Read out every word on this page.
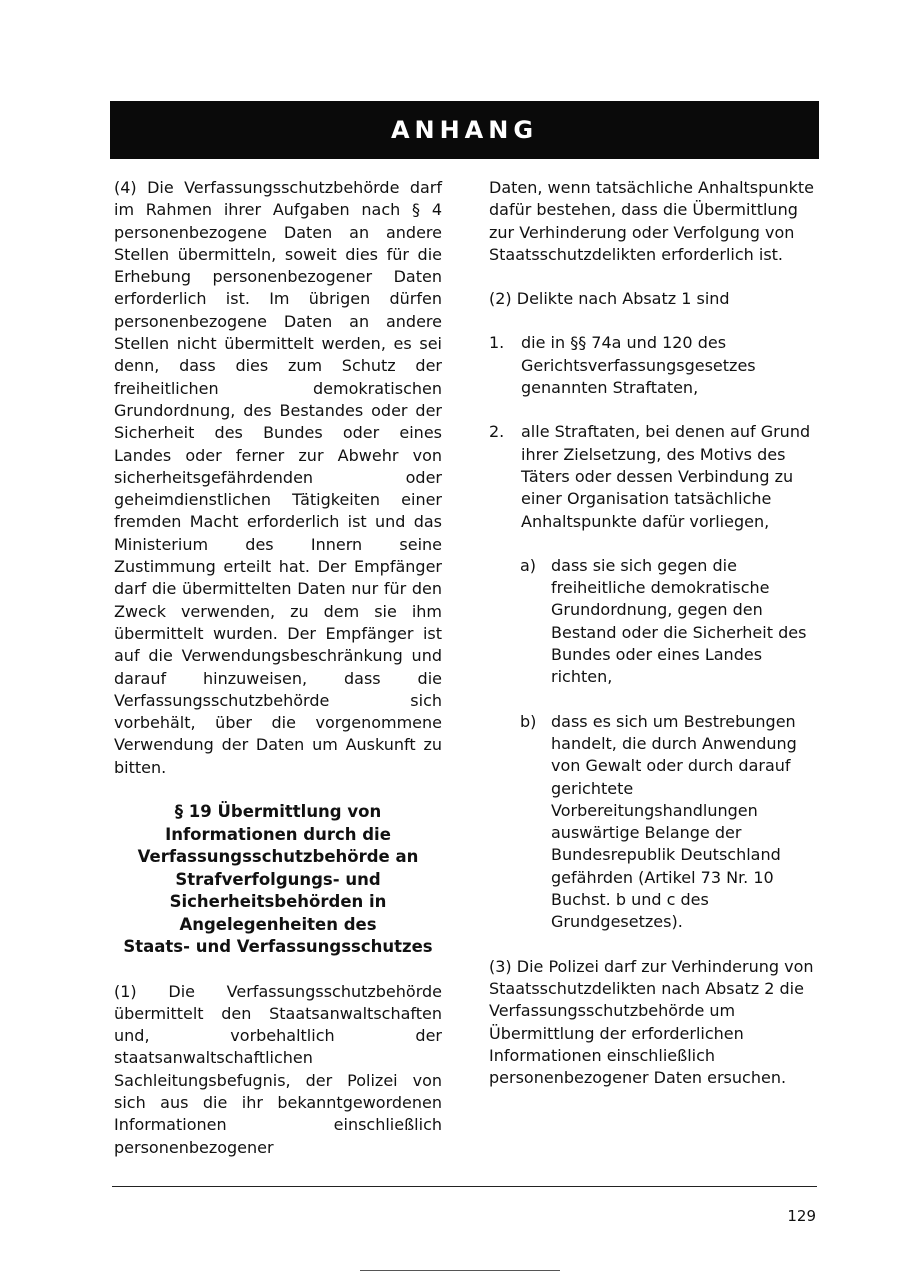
ANHANG

(4) Die Verfassungsschutzbehörde darf im Rahmen ihrer Aufgaben nach § 4 personenbezogene Daten an andere Stellen übermitteln, soweit dies für die Erhebung personenbezogener Daten erforderlich ist. Im übrigen dürfen personenbezogene Daten an andere Stellen nicht übermittelt werden, es sei denn, dass dies zum Schutz der freiheitlichen demokratischen Grundordnung, des Bestandes oder der Sicherheit des Bundes oder eines Landes oder ferner zur Abwehr von sicherheitsgefährdenden oder geheimdienstlichen Tätigkeiten einer fremden Macht erforderlich ist und das Ministerium des Innern seine Zustimmung erteilt hat. Der Empfänger darf die übermittelten Daten nur für den Zweck verwenden, zu dem sie ihm übermittelt wurden. Der Empfänger ist auf die Verwendungsbeschränkung und darauf hinzuweisen, dass die Verfassungsschutzbehörde sich vorbehält, über die vorgenommene Verwendung der Daten um Auskunft zu bitten.

§ 19 Übermittlung von

Informationen durch die

Verfassungsschutzbehörde an

Strafverfolgungs- und

Sicherheitsbehörden in

Angelegenheiten des

Staats- und Verfassungsschutzes

(1) Die Verfassungsschutzbehörde übermittelt den Staatsanwaltschaften und, vorbehaltlich der staatsanwaltschaftlichen Sachleitungsbefugnis, der Polizei von sich aus die ihr bekanntgewordenen Informationen einschließlich personenbezogener

Daten, wenn tatsächliche Anhaltspunkte dafür bestehen, dass die Übermittlung zur Verhinderung oder Verfolgung von Staatsschutzdelikten erforderlich ist.

(2) Delikte nach Absatz 1 sind

1.	die in §§ 74a und 120 des Gerichtsverfassungsgesetzes genannten Straftaten,
2.	alle Straftaten, bei denen auf Grund ihrer Zielsetzung, des Motivs des Täters oder dessen Verbindung zu einer Organisation tatsächliche Anhaltspunkte dafür vorliegen,
a) dass sie sich gegen die freiheitliche demokratische Grundordnung, gegen den Bestand oder die Sicherheit des Bundes oder eines Landes richten,
b) dass es sich um Bestrebungen handelt, die durch Anwendung von Gewalt oder durch darauf gerichtete Vorbereitungshandlungen auswärtige Belange der Bundesrepublik Deutschland gefährden (Artikel 73 Nr. 10 Buchst. b und c des Grundgesetzes).

(3) Die Polizei darf zur Verhinderung von Staatsschutzdelikten nach Absatz 2 die Verfassungsschutzbehörde um Übermittlung der erforderlichen Informationen einschließlich personenbezogener Daten ersuchen.

129
